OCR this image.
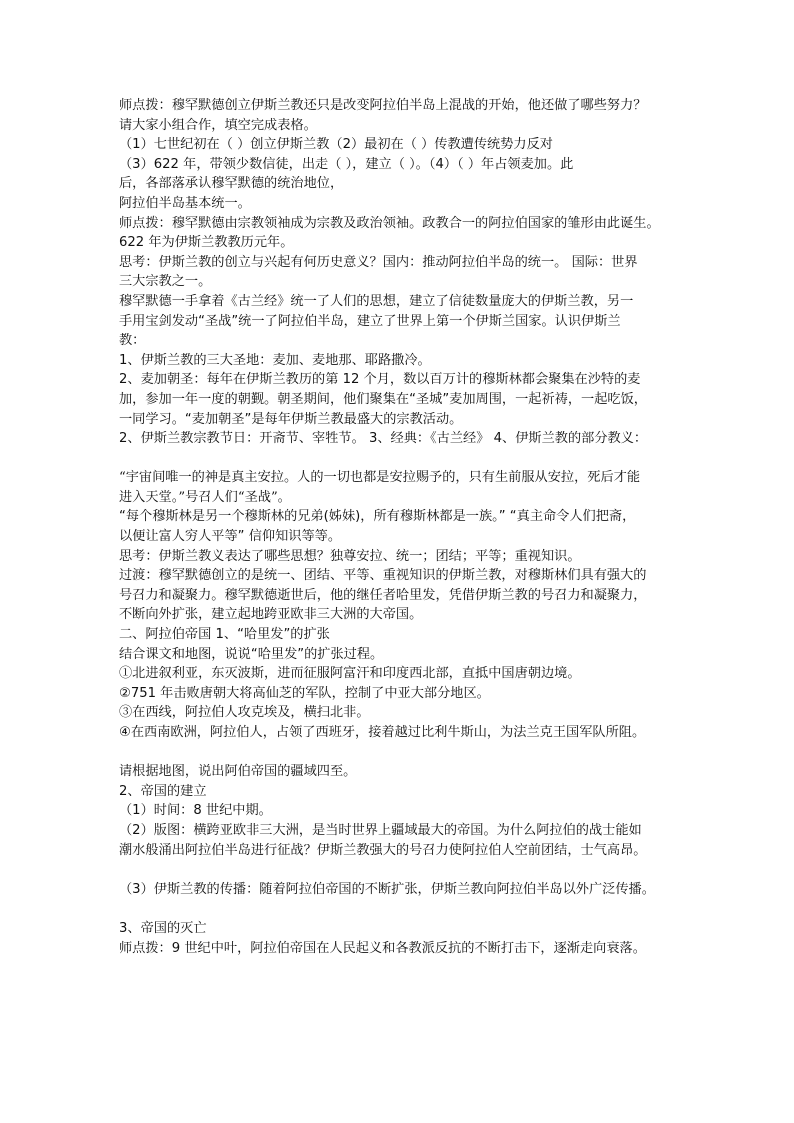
师点拨：穆罕默德创立伊斯兰教还只是改变阿拉伯半岛上混战的开始，他还做了哪些努力？
请大家小组合作，填空完成表格。
（1）七世纪初在（ ）创立伊斯兰教（2）最初在（ ）传教遭传统势力反对
（3）622 年，带领少数信徒，出走（ ），建立（ ）。（4）（ ）年占领麦加。此
后，各部落承认穆罕默德的统治地位，
阿拉伯半岛基本统一。
师点拨：穆罕默德由宗教领袖成为宗教及政治领袖。政教合一的阿拉伯国家的雏形由此诞生。
622 年为伊斯兰教教历元年。
思考：伊斯兰教的创立与兴起有何历史意义？国内：推动阿拉伯半岛的统一。 国际：世界
三大宗教之一。
穆罕默德一手拿着《古兰经》统一了人们的思想，建立了信徒数量庞大的伊斯兰教，另一
手用宝剑发动“圣战”统一了阿拉伯半岛，建立了世界上第一个伊斯兰国家。认识伊斯兰
教：
1、伊斯兰教的三大圣地：麦加、麦地那、耶路撒冷。
2、麦加朝圣：每年在伊斯兰教历的第 12 个月，数以百万计的穆斯林都会聚集在沙特的麦
加，参加一年一度的朝觐。朝圣期间，他们聚集在“圣城”麦加周围，一起祈祷，一起吃饭，
一同学习。“麦加朝圣”是每年伊斯兰教最盛大的宗教活动。
2、伊斯兰教宗教节日：开斋节、宰牲节。 3、经典：《古兰经》 4、伊斯兰教的部分教义：
“宇宙间唯一的神是真主安拉。人的一切也都是安拉赐予的，只有生前服从安拉，死后才能
进入天堂。”号召人们“圣战”。
“每个穆斯林是另一个穆斯林的兄弟(姊妹)，所有穆斯林都是一族。” “真主命令人们把斋，
以便让富人穷人平等” 信仰知识等等。
思考：伊斯兰教义表达了哪些思想？独尊安拉、统一；团结；平等；重视知识。
过渡：穆罕默德创立的是统一、团结、平等、重视知识的伊斯兰教，对穆斯林们具有强大的
号召力和凝聚力。穆罕默德逝世后，他的继任者哈里发，凭借伊斯兰教的号召力和凝聚力，
不断向外扩张，建立起地跨亚欧非三大洲的大帝国。
二、阿拉伯帝国 1、“哈里发”的扩张
结合课文和地图，说说“哈里发”的扩张过程。
①北进叙利亚，东灭波斯，进而征服阿富汗和印度西北部，直抵中国唐朝边境。
②751 年击败唐朝大将高仙芝的军队，控制了中亚大部分地区。
③在西线，阿拉伯人攻克埃及，横扫北非。
④在西南欧洲，阿拉伯人，占领了西班牙，接着越过比利牛斯山，为法兰克王国军队所阻。
请根据地图，说出阿伯帝国的疆域四至。
2、帝国的建立
（1）时间：8 世纪中期。
（2）版图：横跨亚欧非三大洲，是当时世界上疆域最大的帝国。为什么阿拉伯的战士能如
潮水般涌出阿拉伯半岛进行征战？伊斯兰教强大的号召力使阿拉伯人空前团结，士气高昂。
（3）伊斯兰教的传播：随着阿拉伯帝国的不断扩张，伊斯兰教向阿拉伯半岛以外广泛传播。
3、帝国的灭亡
师点拨：9 世纪中叶，阿拉伯帝国在人民起义和各教派反抗的不断打击下，逐渐走向衰落。
